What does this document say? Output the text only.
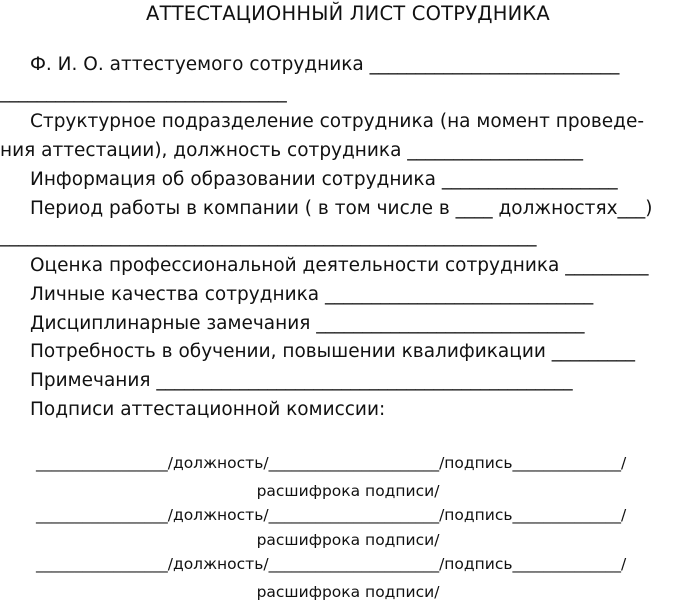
АТТЕСТАЦИОННЫЙ ЛИСТ СОТРУДНИКА
Ф. И. О. аттестуемого сотрудника ___________________________
_______________________________
Структурное подразделение сотрудника (на момент проведе-
ния аттестации), должность сотрудника ___________________
Информация об образовании сотрудника ___________________
Период работы в компании ( в том числе в ____ должностях___)
__________________________________________________________
Оценка профессиональной деятельности сотрудника _________
Личные качества сотрудника _____________________________
Дисциплинарные замечания _____________________________
Потребность в обучении, повышении квалификации _________
Примечания _____________________________________________
Подписи аттестационной комиссии:
_________________/должность/______________________/подпись______________/
расшифрока подписи/
_________________/должность/______________________/подпись______________/
расшифрока подписи/
_________________/должность/______________________/подпись______________/
расшифрока подписи/
